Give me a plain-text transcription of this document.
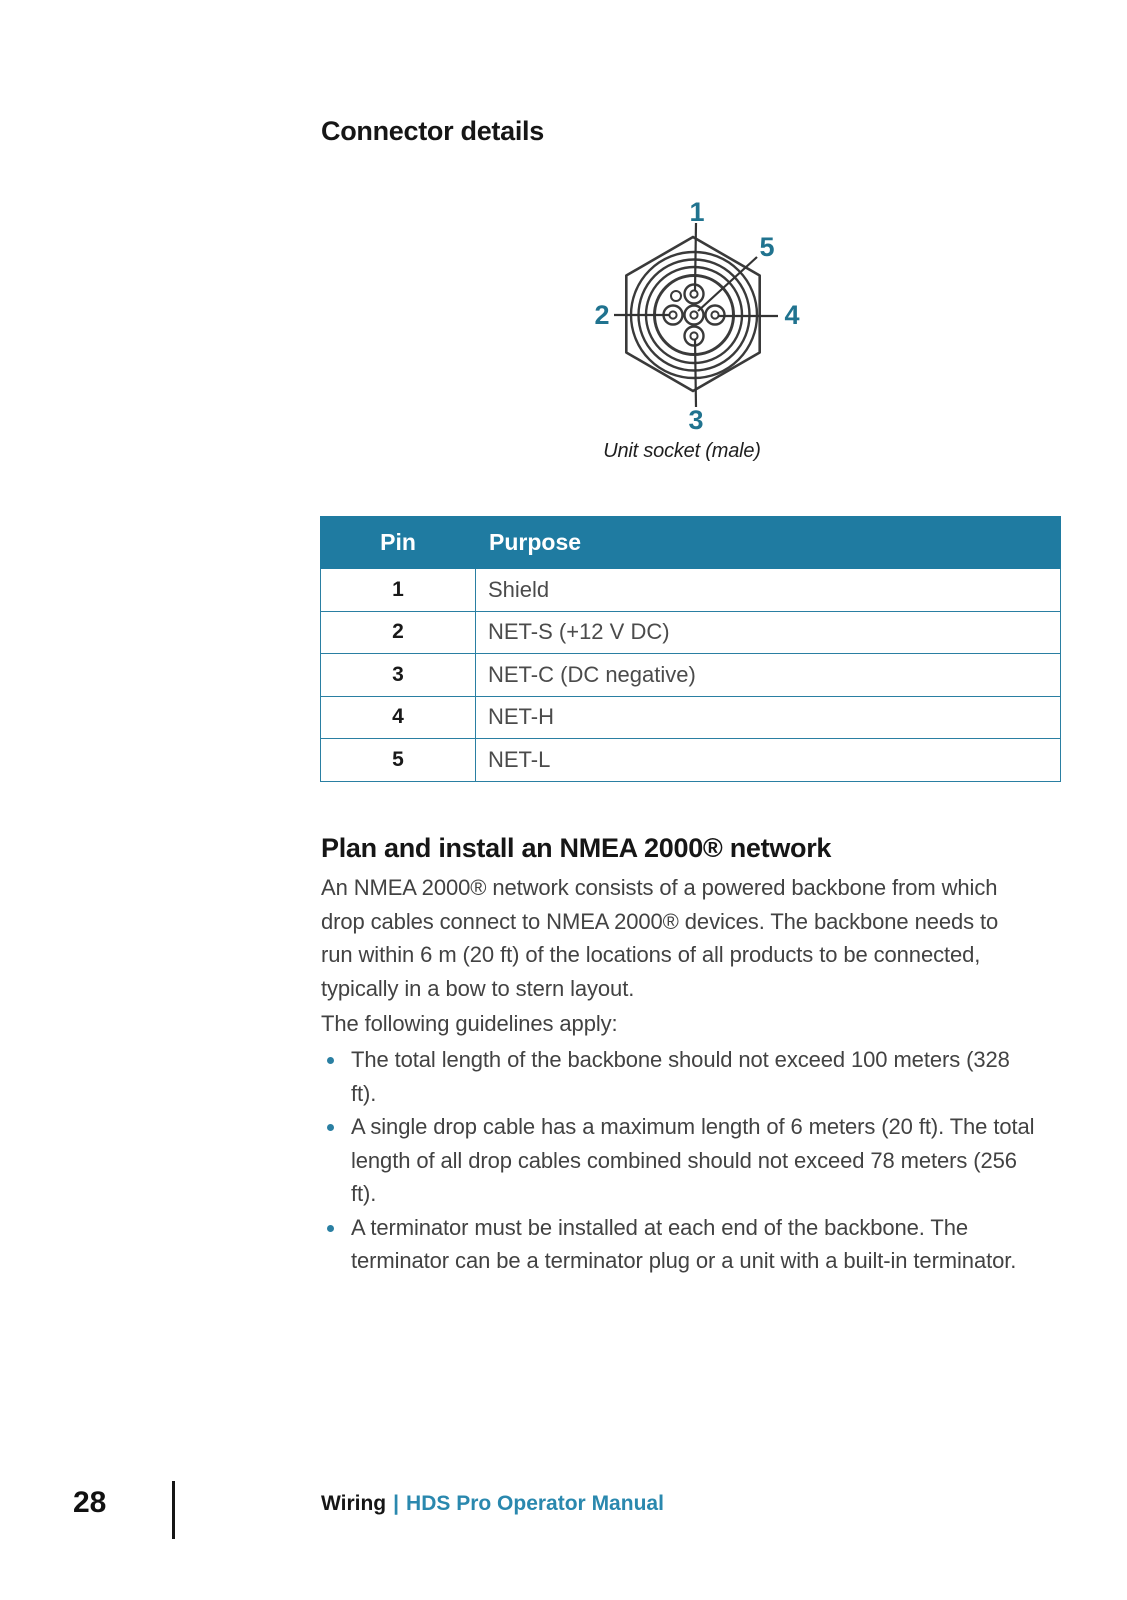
Connector details
1
2
3
4
5
Unit socket (male)
Pin	Purpose
1	Shield
2	NET-S (+12 V DC)
3	NET-C (DC negative)
4	NET-H
5	NET-L
Plan and install an NMEA 2000® network

An NMEA 2000® network consists of a powered backbone from which drop cables connect to NMEA 2000® devices. The backbone needs to run within 6 m (20 ft) of the locations of all products to be connected, typically in a bow to stern layout.

The following guidelines apply:

The total length of the backbone should not exceed 100 meters (328 ft).
A single drop cable has a maximum length of 6 meters (20 ft). The total length of all drop cables combined should not exceed 78 meters (256 ft).
A terminator must be installed at each end of the backbone. The terminator can be a terminator plug or a unit with a built-in terminator.
28	Wiring | HDS Pro Operator Manual
